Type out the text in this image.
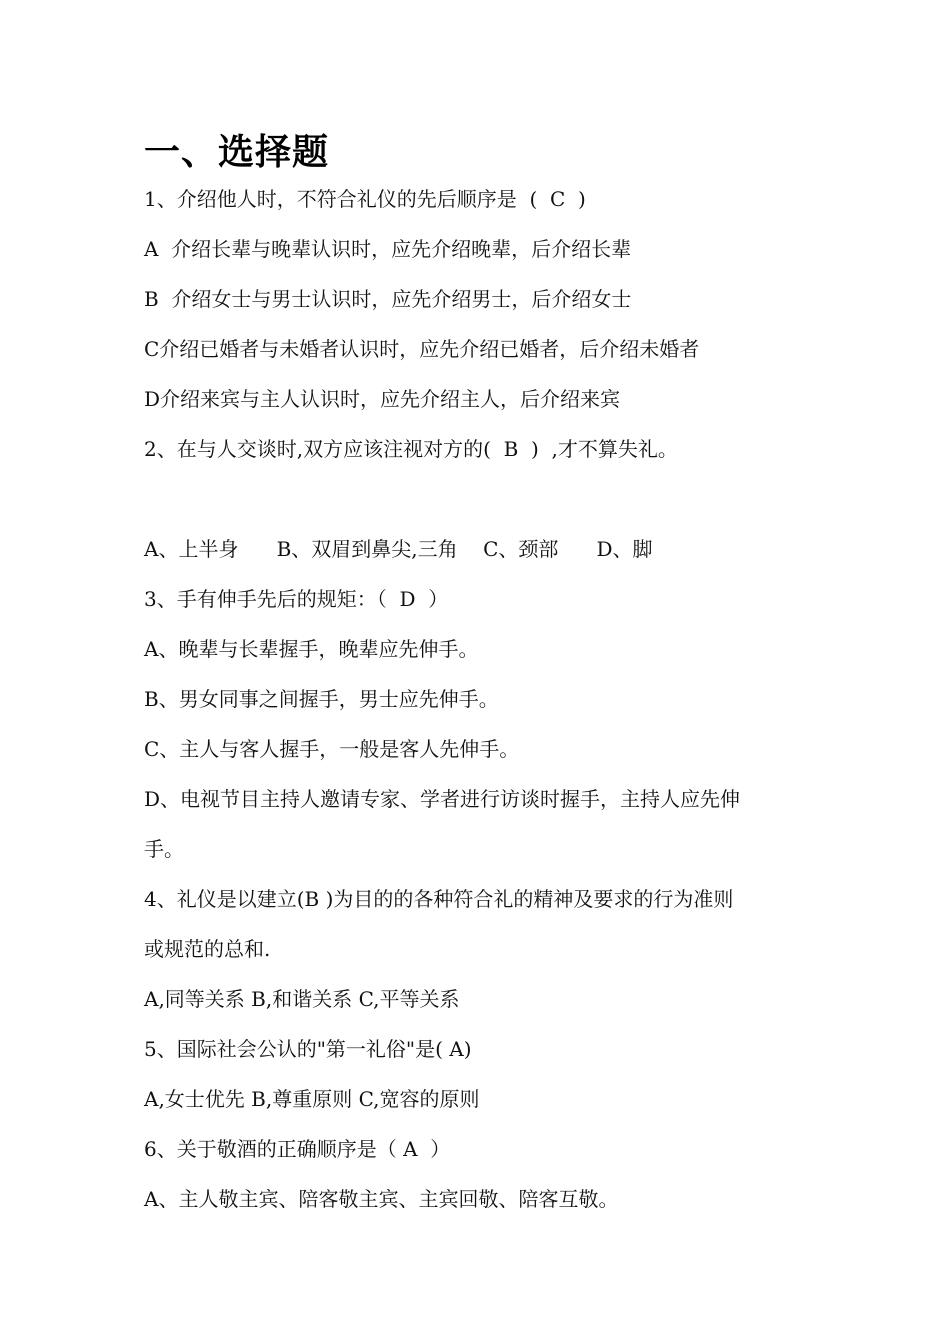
一、选择题
1、介绍他人时，不符合礼仪的先后顺序是  (  C  )
A  介绍长辈与晚辈认识时，应先介绍晚辈，后介绍长辈
B  介绍女士与男士认识时，应先介绍男士，后介绍女士
C介绍已婚者与未婚者认识时，应先介绍已婚者，后介绍未婚者
D介绍来宾与主人认识时，应先介绍主人，后介绍来宾
2、在与人交谈时,双方应该注视对方的(  B  )  ,才不算失礼。
A、上半身      B、双眉到鼻尖,三角    C、颈部      D、脚
3、手有伸手先后的规矩：（  D  ）
A、晚辈与长辈握手，晚辈应先伸手。
B、男女同事之间握手，男士应先伸手。
C、主人与客人握手，一般是客人先伸手。
D、电视节目主持人邀请专家、学者进行访谈时握手，主持人应先伸
手。
4、礼仪是以建立(B )为目的的各种符合礼的精神及要求的行为准则
或规范的总和.
A,同等关系 B,和谐关系 C,平等关系
5、国际社会公认的"第一礼俗"是( A)
A,女士优先 B,尊重原则 C,宽容的原则
6、关于敬酒的正确顺序是（ A  ）
A、主人敬主宾、陪客敬主宾、主宾回敬、陪客互敬。
